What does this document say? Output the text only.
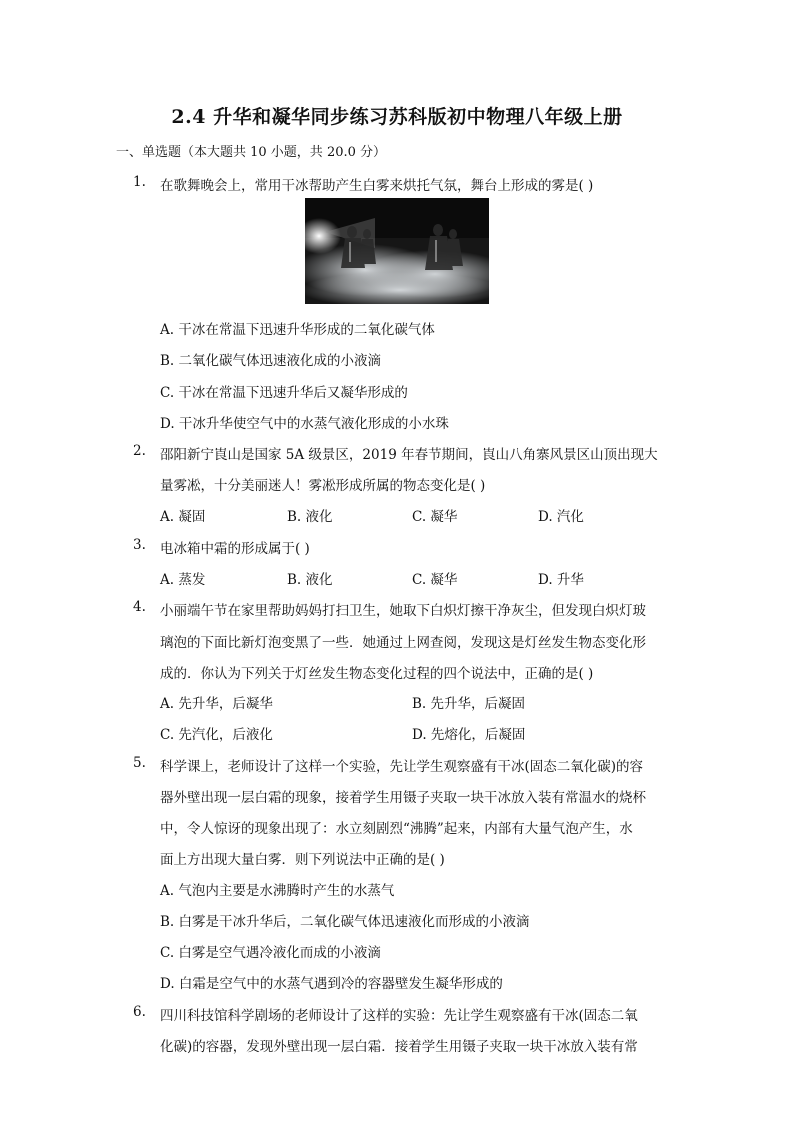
2.4 升华和凝华同步练习苏科版初中物理八年级上册
一、单选题（本大题共 10 小题，共 20.0 分）
1. 在歌舞晚会上，常用干冰帮助产生白雾来烘托气氛，舞台上形成的雾是( )
A. 干冰在常温下迅速升华形成的二氧化碳气体
B. 二氧化碳气体迅速液化成的小液滴
C. 干冰在常温下迅速升华后又凝华形成的
D. 干冰升华使空气中的水蒸气液化形成的小水珠
2. 邵阳新宁崀山是国家 5A 级景区，2019 年春节期间，崀山八角寨风景区山顶出现大
量雾凇，十分美丽迷人！雾凇形成所属的物态变化是( )
A. 凝固	B. 液化	C. 凝华	D. 汽化
3. 电冰箱中霜的形成属于( )
A. 蒸发	B. 液化	C. 凝华	D. 升华
4. 小丽端午节在家里帮助妈妈打扫卫生，她取下白炽灯擦干净灰尘，但发现白炽灯玻
璃泡的下面比新灯泡变黑了一些．她通过上网查阅，发现这是灯丝发生物态变化形
成的．你认为下列关于灯丝发生物态变化过程的四个说法中，正确的是( )
A. 先升华，后凝华	B. 先升华，后凝固
C. 先汽化，后液化	D. 先熔化，后凝固
5. 科学课上，老师设计了这样一个实验，先让学生观察盛有干冰(固态二氧化碳)的容
器外壁出现一层白霜的现象，接着学生用镊子夹取一块干冰放入装有常温水的烧杯
中，令人惊讶的现象出现了：水立刻剧烈“沸腾”起来，内部有大量气泡产生，水
面上方出现大量白雾．则下列说法中正确的是( )
A. 气泡内主要是水沸腾时产生的水蒸气
B. 白雾是干冰升华后，二氧化碳气体迅速液化而形成的小液滴
C. 白雾是空气遇冷液化而成的小液滴
D. 白霜是空气中的水蒸气遇到冷的容器壁发生凝华形成的
6. 四川科技馆科学剧场的老师设计了这样的实验：先让学生观察盛有干冰(固态二氧
化碳)的容器，发现外壁出现一层白霜．接着学生用镊子夹取一块干冰放入装有常
